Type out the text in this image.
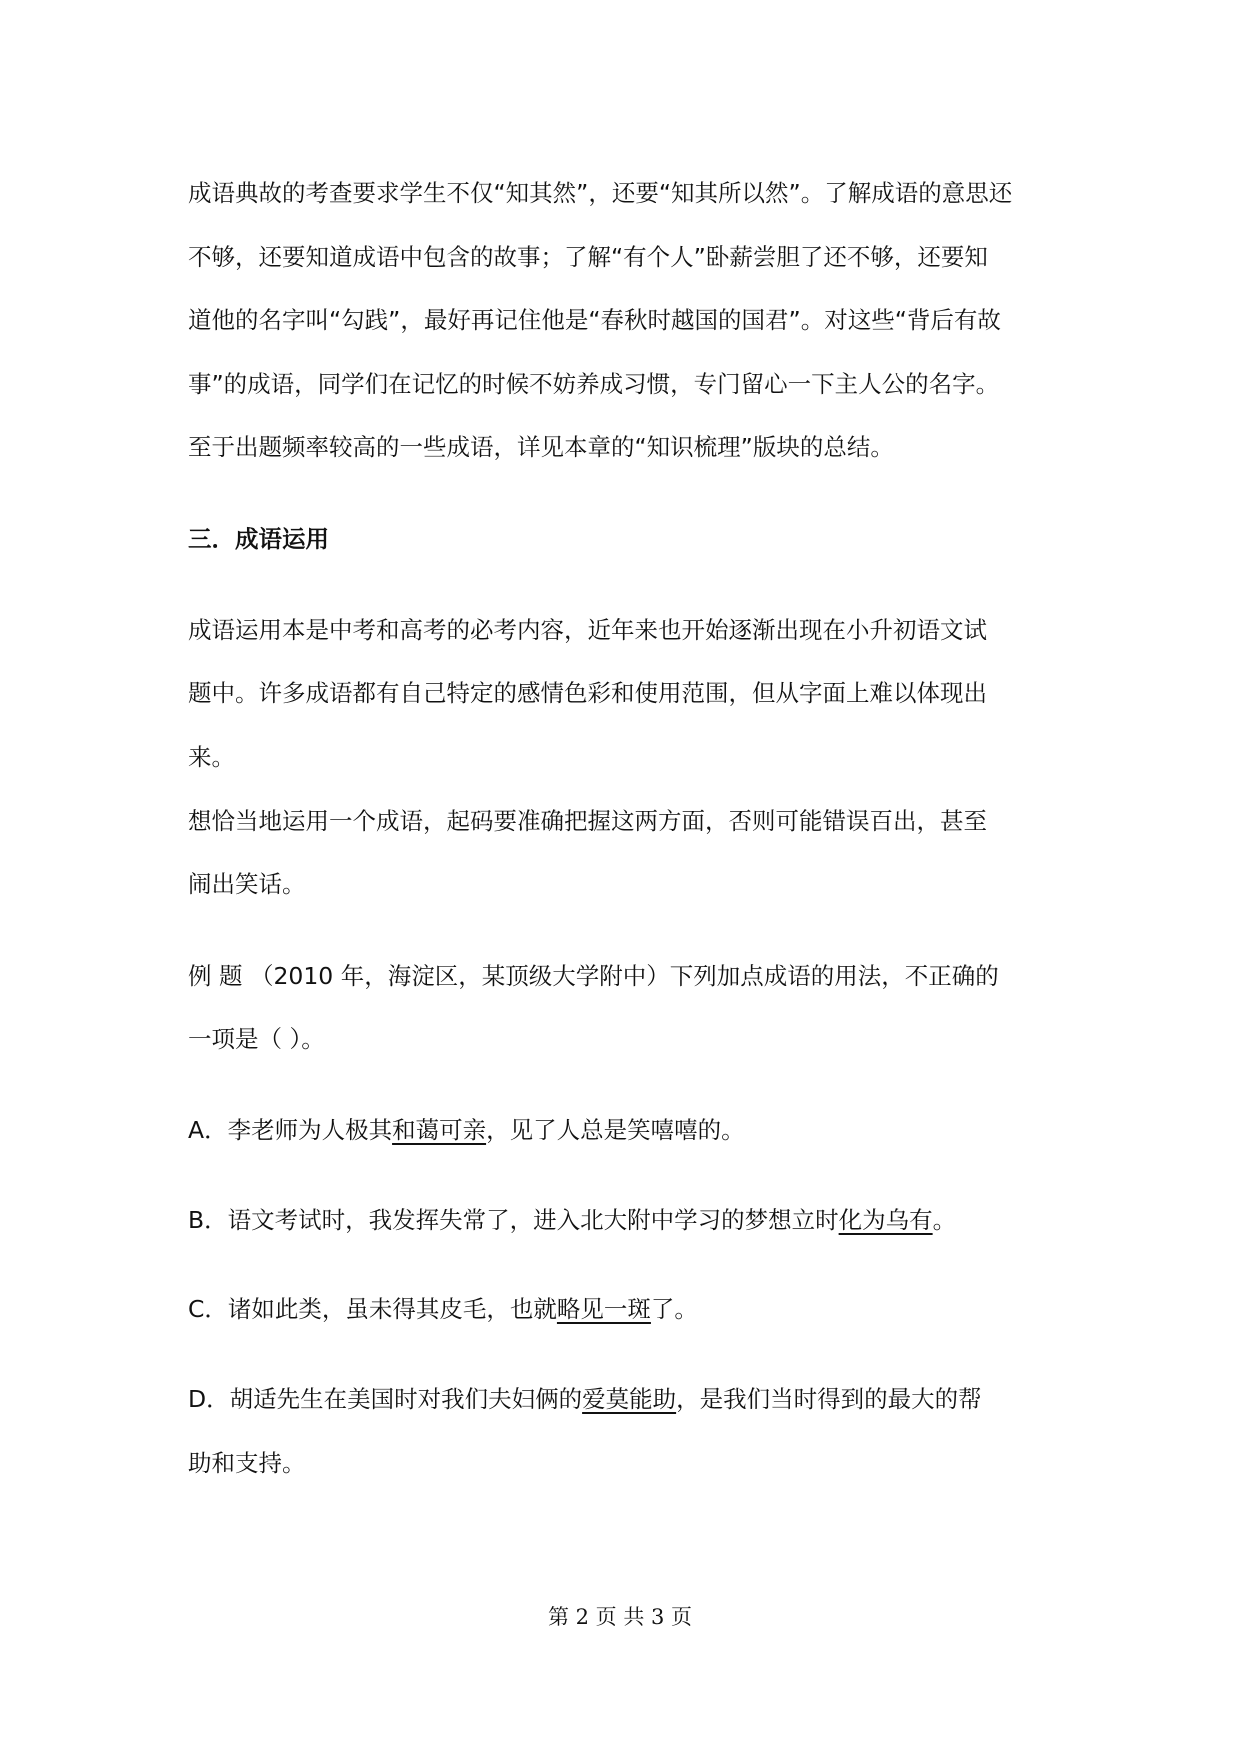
成语典故的考查要求学生不仅“知其然”，还要“知其所以然”。了解成语的意思还
不够，还要知道成语中包含的故事；了解“有个人”卧薪尝胆了还不够，还要知
道他的名字叫“勾践”，最好再记住他是“春秋时越国的国君”。对这些“背后有故
事”的成语，同学们在记忆的时候不妨养成习惯，专门留心一下主人公的名字。
至于出题频率较高的一些成语，详见本章的“知识梳理”版块的总结。
三．成语运用
成语运用本是中考和高考的必考内容，近年来也开始逐渐出现在小升初语文试
题中。许多成语都有自己特定的感情色彩和使用范围，但从字面上难以体现出
来。
想恰当地运用一个成语，起码要准确把握这两方面，否则可能错误百出，甚至
闹出笑话。
例 题 （2010 年，海淀区，某顶级大学附中）下列加点成语的用法，不正确的
一项是（ ）。
A．李老师为人极其和蔼可亲，见了人总是笑嘻嘻的。
B．语文考试时，我发挥失常了，进入北大附中学习的梦想立时化为乌有。
C．诸如此类，虽未得其皮毛，也就略见一斑了。
D．胡适先生在美国时对我们夫妇俩的爱莫能助，是我们当时得到的最大的帮
助和支持。
第 2 页 共 3 页
